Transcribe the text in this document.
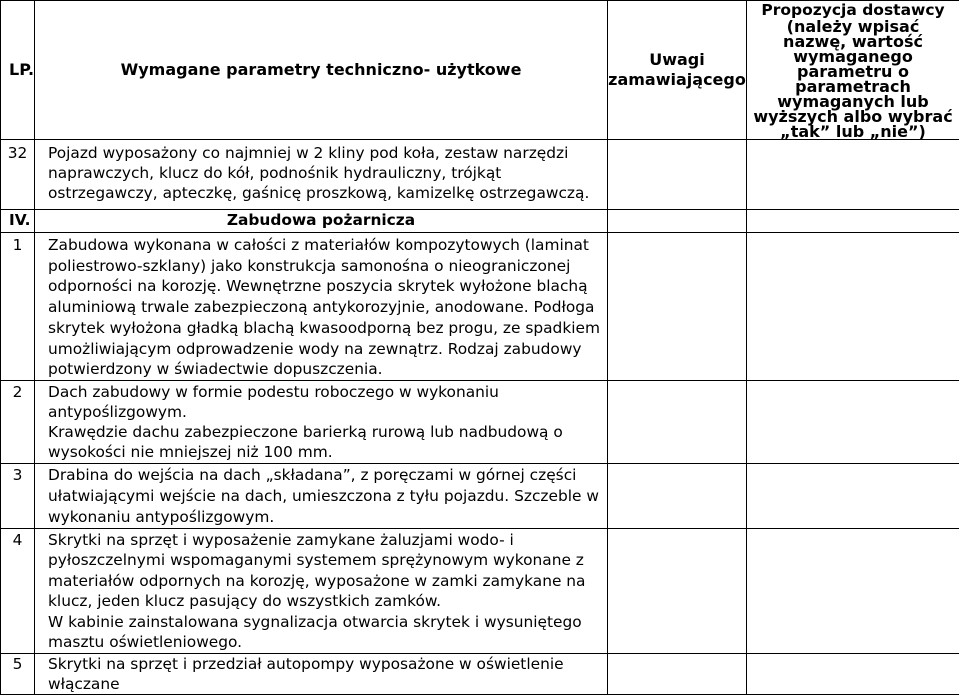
LP.	Wymagane parametry techniczno- użytkowe	Uwagi zamawiającego	Propozycja dostawcy
(należy wpisać nazwę, wartość wymaganego parametru o parametrach wymaganych lub wyższych albo wybrać „tak” lub „nie”)

32	Pojazd wyposażony co najmniej w 2 kliny pod koła, zestaw narzędzi naprawczych, klucz do kół, podnośnik hydrauliczny, trójkąt ostrzegawczy, apteczkę, gaśnicę proszkową, kamizelkę ostrzegawczą.		
IV.	Zabudowa pożarnicza		
1	Zabudowa wykonana w całości z materiałów kompozytowych (laminat poliestrowo-szklany) jako konstrukcja samonośna o nieograniczonej odporności na korozję. Wewnętrzne poszycia skrytek wyłożone blachą aluminiową trwale zabezpieczoną antykorozyjnie, anodowane. Podłoga skrytek wyłożona gładką blachą kwasoodporną bez progu, ze spadkiem umożliwiającym odprowadzenie wody na zewnątrz. Rodzaj zabudowy potwierdzony w świadectwie dopuszczenia.		
2	Dach zabudowy w formie podestu roboczego w wykonaniu antypoślizgowym.
Krawędzie dachu zabezpieczone barierką rurową lub nadbudową o wysokości nie mniejszej niż 100 mm.		

3	Drabina do wejścia na dach „składana”, z poręczami w górnej części ułatwiającymi wejście na dach, umieszczona z tyłu pojazdu. Szczeble w wykonaniu antypoślizgowym.		
4	Skrytki na sprzęt i wyposażenie zamykane żaluzjami wodo- i pyłoszczelnymi wspomaganymi systemem sprężynowym wykonane z materiałów odpornych na korozję, wyposażone w zamki zamykane na klucz, jeden klucz pasujący do wszystkich zamków.
W kabinie zainstalowana sygnalizacja otwarcia skrytek i wysuniętego masztu oświetleniowego.		

5	Skrytki na sprzęt i przedział autopompy wyposażone w oświetlenie włączane		
